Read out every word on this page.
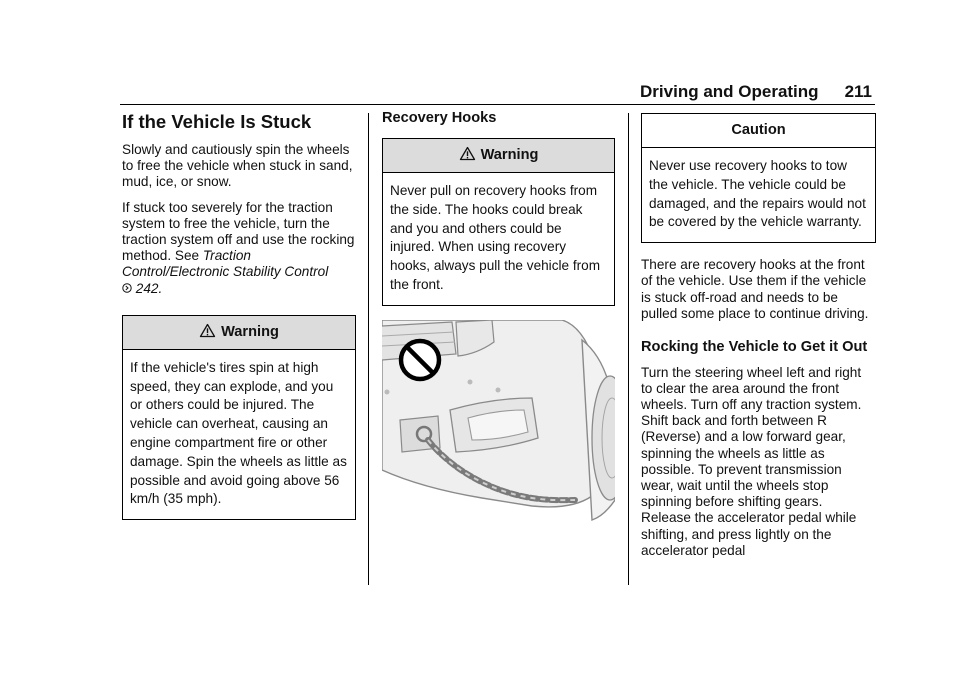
Driving and Operating 211
If the Vehicle Is Stuck

Slowly and cautiously spin the wheels to free the vehicle when stuck in sand, mud, ice, or snow.

If stuck too severely for the traction system to free the vehicle, turn the traction system off and use the rocking method. See Traction Control/Electronic Stability Control
242.

Warning
If the vehicle's tires spin at high speed, they can explode, and you or others could be injured. The vehicle can overheat, causing an engine compartment fire or other damage. Spin the wheels as little as possible and avoid going above 56 km/h (35 mph).
Recovery Hooks
Warning
Never pull on recovery hooks from the side. The hooks could break and you and others could be injured. When using recovery hooks, always pull the vehicle from the front.
Caution
Never use recovery hooks to tow the vehicle. The vehicle could be damaged, and the repairs would not be covered by the vehicle warranty.

There are recovery hooks at the front of the vehicle. Use them if the vehicle is stuck off-road and needs to be pulled some place to continue driving.

Rocking the Vehicle to Get it Out

Turn the steering wheel left and right to clear the area around the front wheels. Turn off any traction system. Shift back and forth between R (Reverse) and a low forward gear, spinning the wheels as little as possible. To prevent transmission wear, wait until the wheels stop spinning before shifting gears. Release the accelerator pedal while shifting, and press lightly on the accelerator pedal
